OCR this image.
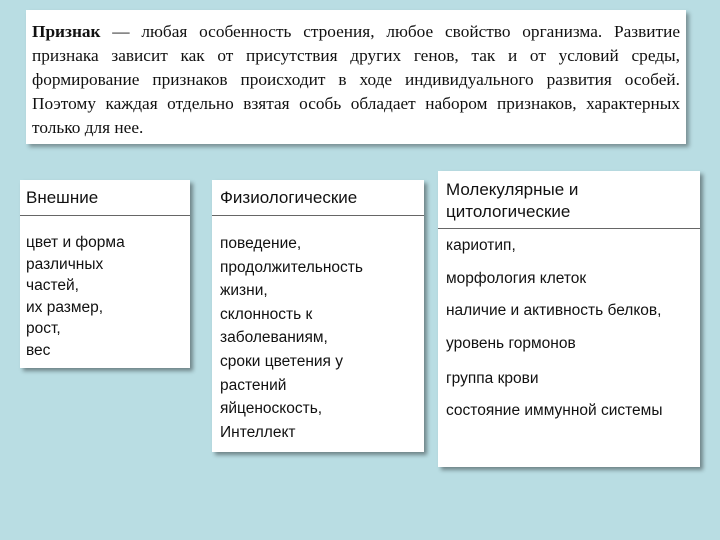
Признак — любая особенность строения, любое свойство организма. Развитие признака зависит как от присутствия других генов, так и от условий среды, формирование признаков происходит в ходе индивидуального развития особей. Поэтому каждая отдельно взятая особь обладает набором признаков, характерных только для нее.

Внешние
цвет и форма
различных
частей,
их размер,
рост,
вес
Физиологические
поведение,
продолжительность
жизни,
склонность к
заболеваниям,
сроки цветения у
растений
яйценоскость,
Интеллект
Молекулярные и цитологические
кариотип,
морфология клеток
наличие и активность белков,
уровень гормонов
группа крови
состояние иммунной системы
